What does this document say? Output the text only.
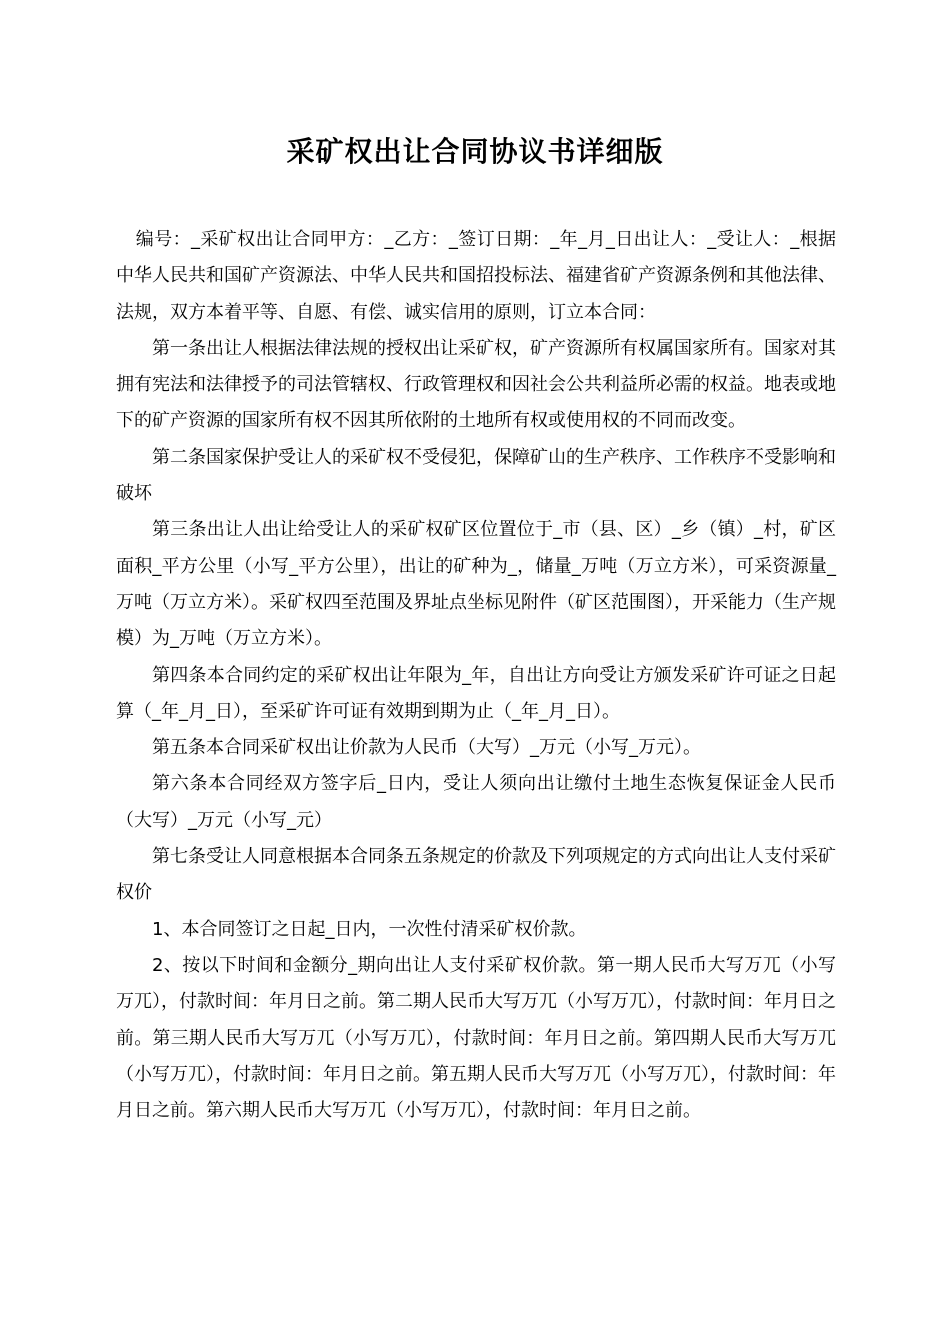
采矿权出让合同协议书详细版

编号：_采矿权出让合同甲方：_乙方：_签订日期：_年_月_日出让人：_受让人：_根据中华人民共和国矿产资源法、中华人民共和国招投标法、福建省矿产资源条例和其他法律、法规，双方本着平等、自愿、有偿、诚实信用的原则，订立本合同：

第一条出让人根据法律法规的授权出让采矿权，矿产资源所有权属国家所有。国家对其拥有宪法和法律授予的司法管辖权、行政管理权和因社会公共利益所必需的权益。地表或地下的矿产资源的国家所有权不因其所依附的土地所有权或使用权的不同而改变。

第二条国家保护受让人的采矿权不受侵犯，保障矿山的生产秩序、工作秩序不受影响和破坏

第三条出让人出让给受让人的采矿权矿区位置位于_市（县、区）_乡（镇）_村，矿区面积_平方公里（小写_平方公里），出让的矿种为_，储量_万吨（万立方米），可采资源量_万吨（万立方米）。采矿权四至范围及界址点坐标见附件（矿区范围图），开采能力（生产规模）为_万吨（万立方米）。

第四条本合同约定的采矿权出让年限为_年，自出让方向受让方颁发采矿许可证之日起算（_年_月_日），至采矿许可证有效期到期为止（_年_月_日）。

第五条本合同采矿权出让价款为人民币（大写）_万元（小写_万元）。

第六条本合同经双方签字后_日内，受让人须向出让缴付土地生态恢复保证金人民币（大写）_万元（小写_元）

第七条受让人同意根据本合同条五条规定的价款及下列项规定的方式向出让人支付采矿权价

1、本合同签订之日起_日内，一次性付清采矿权价款。

2、按以下时间和金额分_期向出让人支付采矿权价款。第一期人民币大写万兀（小写万兀），付款时间：年月日之前。第二期人民币大写万兀（小写万兀），付款时间：年月日之前。第三期人民币大写万兀（小写万兀），付款时间：年月日之前。第四期人民币大写万兀（小写万兀），付款时间：年月日之前。第五期人民币大写万兀（小写万兀），付款时间：年月日之前。第六期人民币大写万兀（小写万兀），付款时间：年月日之前。
